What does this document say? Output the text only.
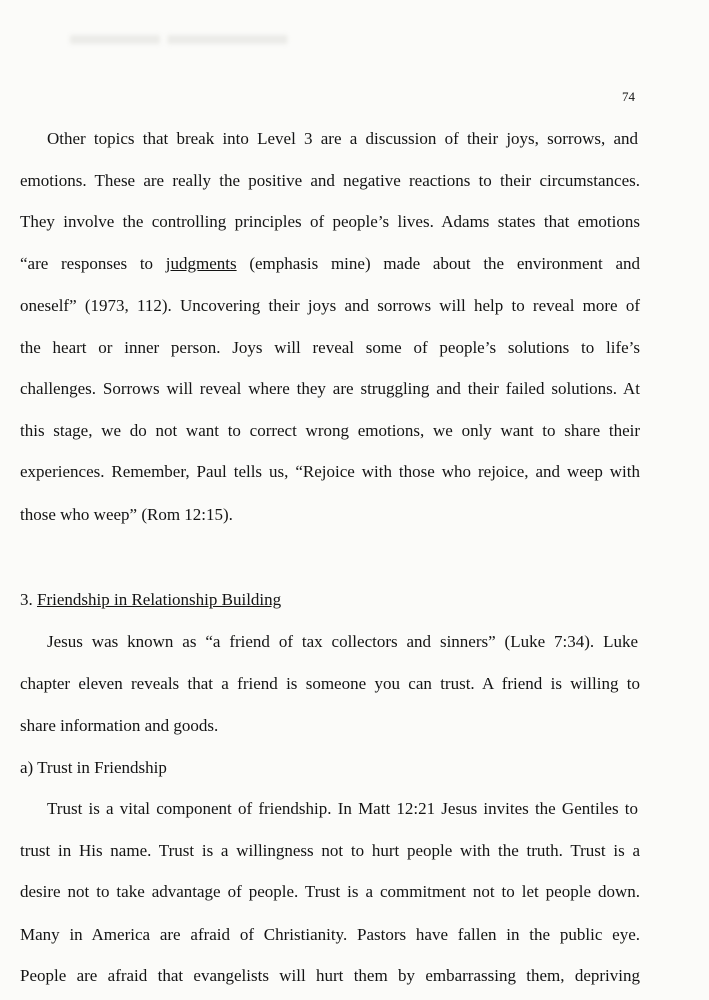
▬▬▬ ▬▬▬▬
74
Other topics that break into Level 3 are a discussion of their joys, sorrows, and
emotions. These are really the positive and negative reactions to their circumstances.
They involve the controlling principles of people’s lives. Adams states that emotions
“are responses to judgments (emphasis mine) made about the environment and
oneself” (1973, 112). Uncovering their joys and sorrows will help to reveal more of
the heart or inner person. Joys will reveal some of people’s solutions to life’s
challenges. Sorrows will reveal where they are struggling and their failed solutions. At
this stage, we do not want to correct wrong emotions, we only want to share their
experiences. Remember, Paul tells us, “Rejoice with those who rejoice, and weep with
those who weep” (Rom 12:15).
3. Friendship in Relationship Building
Jesus was known as “a friend of tax collectors and sinners” (Luke 7:34). Luke
chapter eleven reveals that a friend is someone you can trust. A friend is willing to
share information and goods.
a) Trust in Friendship
Trust is a vital component of friendship. In Matt 12:21 Jesus invites the Gentiles to
trust in His name. Trust is a willingness not to hurt people with the truth. Trust is a
desire not to take advantage of people. Trust is a commitment not to let people down.
Many in America are afraid of Christianity. Pastors have fallen in the public eye.
People are afraid that evangelists will hurt them by embarrassing them, depriving
